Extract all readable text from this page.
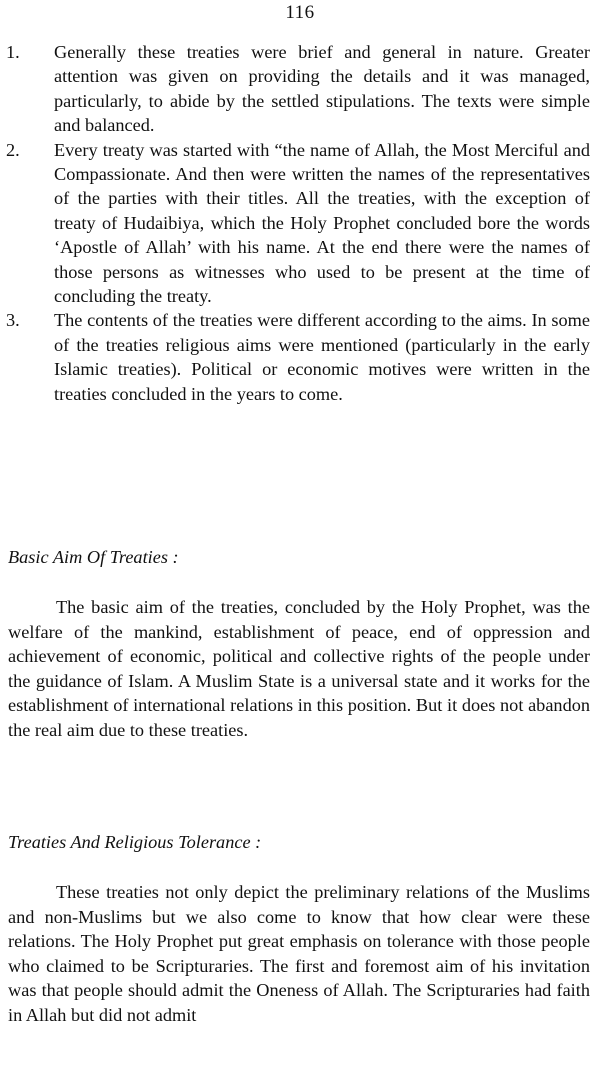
116
1.	Generally these treaties were brief and general in nature. Greater attention was given on providing the details and it was managed, particularly, to abide by the settled stipulations. The texts were simple and balanced.
2.	Every treaty was started with “the name of Allah, the Most Merciful and Compassionate. And then were written the names of the representatives of the parties with their titles. All the treaties, with the exception of treaty of Hudaibiya, which the Holy Prophet concluded bore the words ‘Apostle of Allah’ with his name. At the end there were the names of those persons as witnesses who used to be present at the time of concluding the treaty.
3.	The contents of the treaties were different according to the aims. In some of the treaties religious aims were mentioned (particularly in the early Islamic treaties). Political or economic motives were written in the treaties concluded in the years to come.
Basic Aim Of Treaties :
The basic aim of the treaties, concluded by the Holy Prophet, was the welfare of the mankind, establishment of peace, end of oppression and achievement of economic, political and collective rights of the people under the guidance of Islam. A Muslim State is a universal state and it works for the establishment of international relations in this position. But it does not abandon the real aim due to these treaties.
Treaties And Religious Tolerance :
These treaties not only depict the preliminary relations of the Muslims and non-Muslims but we also come to know that how clear were these relations. The Holy Prophet put great emphasis on tolerance with those people who claimed to be Scripturaries. The first and foremost aim of his invitation was that people should admit the Oneness of Allah. The Scripturaries had faith in Allah but did not admit
